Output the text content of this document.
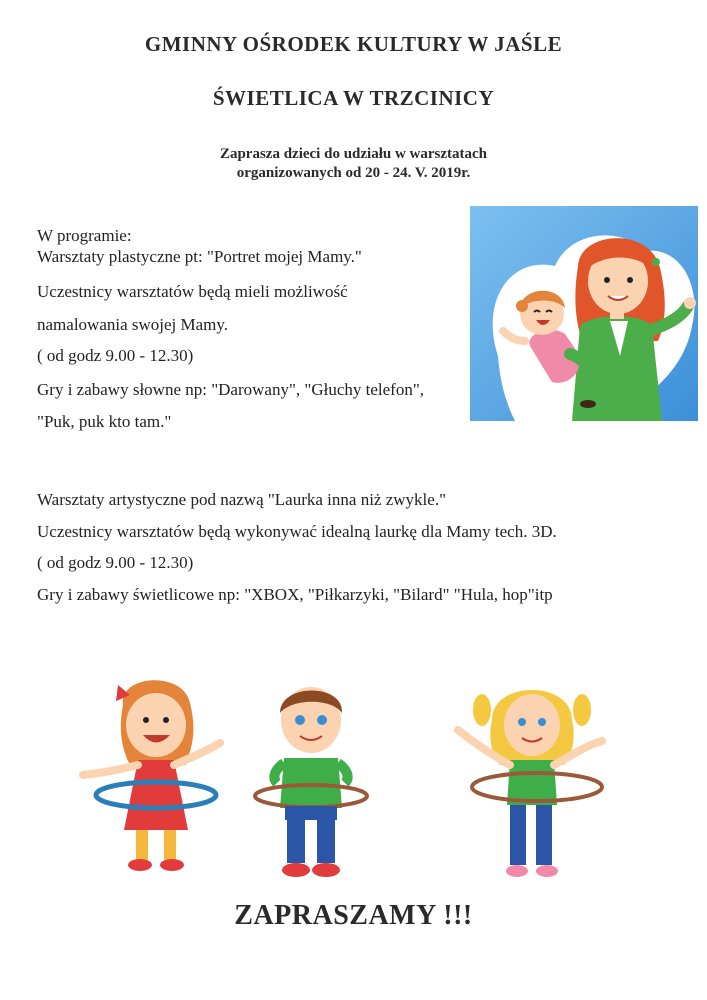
GMINNY OŚRODEK KULTURY W JAŚLE
ŚWIETLICA W TRZCINICY
Zaprasza dzieci do udziału w warsztatach
organizowanych od 20 - 24. V. 2019r.
W programie:
Warsztaty plastyczne pt: "Portret mojej Mamy."
Uczestnicy warsztatów będą mieli możliwość
namalowania swojej Mamy.
( od godz 9.00 - 12.30)
Gry i zabawy słowne np: "Darowany", "Głuchy telefon",
"Puk, puk kto tam."
Warsztaty artystyczne pod nazwą "Laurka inna niż zwykle."
Uczestnicy warsztatów będą wykonywać idealną laurkę dla Mamy tech. 3D.
( od godz 9.00 - 12.30)
Gry i zabawy świetlicowe np: "XBOX, "Piłkarzyki, "Bilard" "Hula, hop"itp
ZAPRASZAMY !!!
